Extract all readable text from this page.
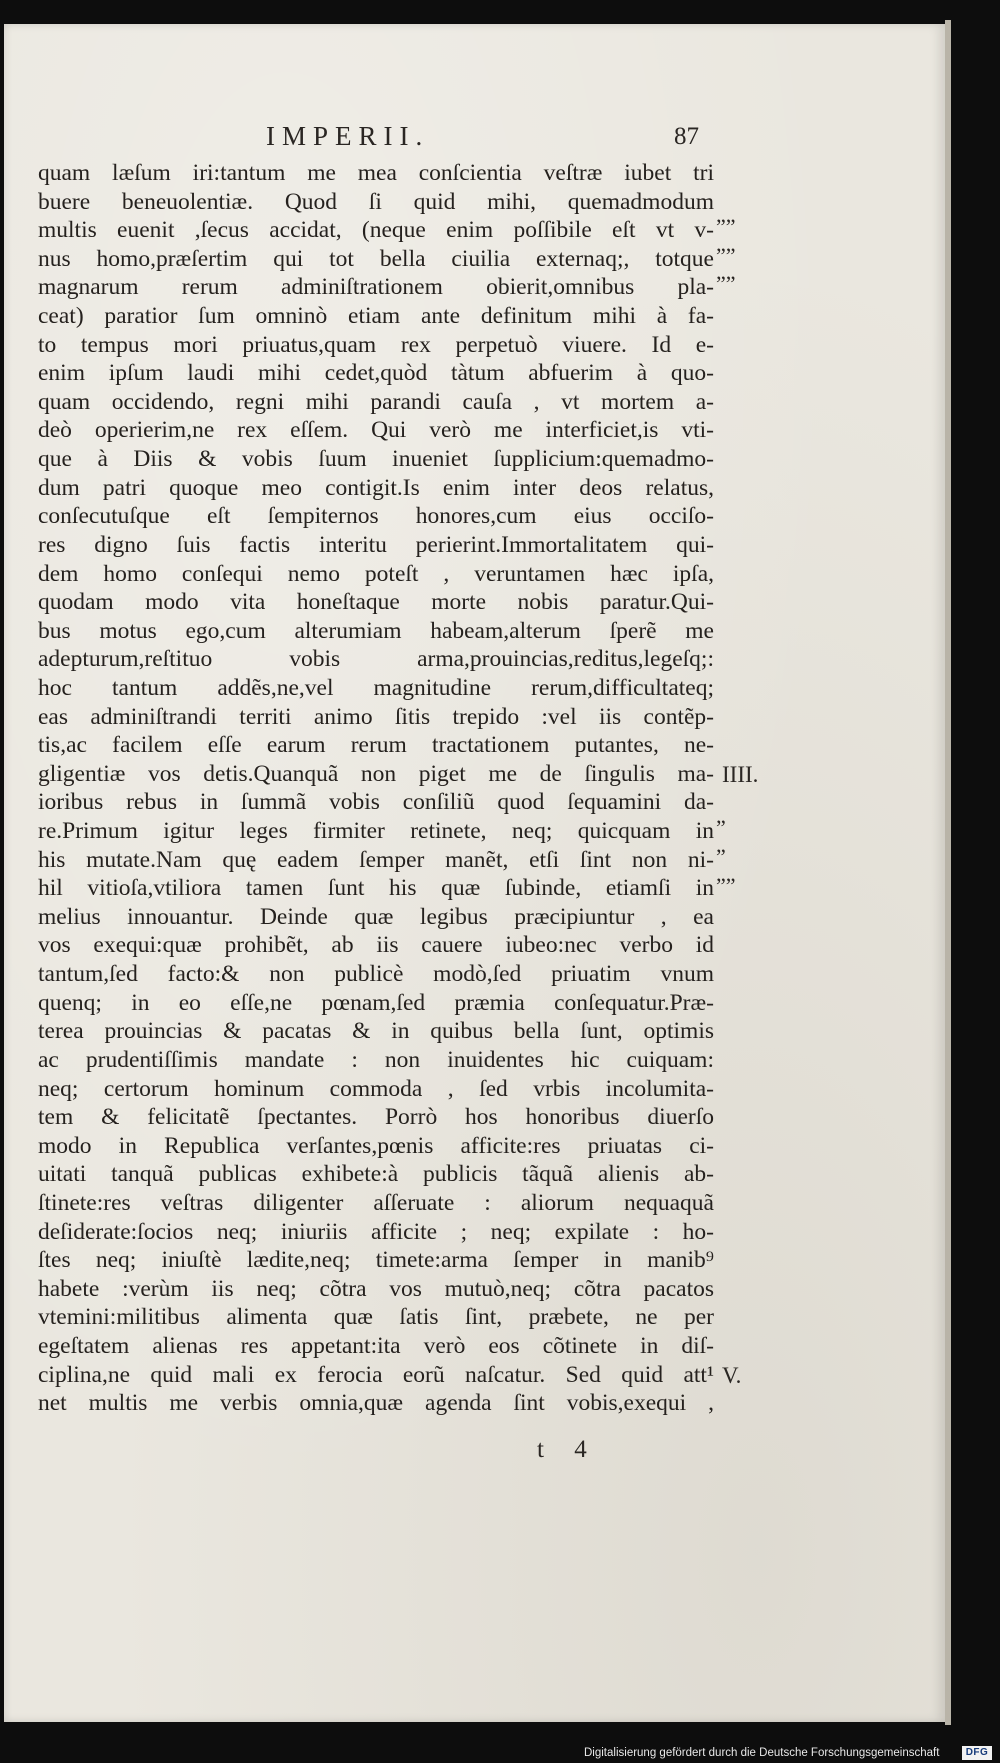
IMPERII.	87
quam læſum iri:tantum me mea conſcientia veſtræ iubet tri
buere beneuolentiæ. Quod ſi quid mihi, quemadmodum
multis euenit ,ſecus accidat, (neque enim poſſibile eſt vt v-
nus homo,præſertim qui tot bella ciuilia externaq;, totque
magnarum rerum adminiſtrationem obierit,omnibus pla-
ceat) paratior ſum omninò etiam ante definitum mihi à fa-
to tempus mori priuatus,quam rex perpetuò viuere. Id e-
enim ipſum laudi mihi cedet,quòd tàtum abfuerim à quo-
quam occidendo, regni mihi parandi cauſa , vt mortem a-
deò operierim,ne rex eſſem. Qui verò me interficiet,is vti-
que à Diis & vobis ſuum inueniet ſupplicium:quemadmo-
dum patri quoque meo contigit.Is enim inter deos relatus,
conſecutuſque eſt ſempiternos honores,cum eius occiſo-
res digno ſuis factis interitu perierint.Immortalitatem qui-
dem homo conſequi nemo poteſt , veruntamen hæc ipſa,
quodam modo vita honeſtaque morte nobis paratur.Qui-
bus motus ego,cum alterumiam habeam,alterum ſperẽ me
adepturum,reſtituo vobis arma,prouincias,reditus,legeſq;:
hoc tantum addẽs,ne,vel magnitudine rerum,difficultateq;
eas adminiſtrandi territi animo ſitis trepido :vel iis contẽp-
tis,ac facilem eſſe earum rerum tractationem putantes, ne-
gligentiæ vos detis.Quanquã non piget me de ſingulis ma-
ioribus rebus in ſummã vobis conſiliũ quod ſequamini da-
re.Primum igitur leges firmiter retinete, neq; quicquam in
his mutate.Nam quę eadem ſemper manẽt, etſi ſint non ni-
hil vitioſa,vtiliora tamen ſunt his quæ ſubinde, etiamſi in
melius innouantur. Deinde quæ legibus præcipiuntur , ea
vos exequi:quæ prohibẽt, ab iis cauere iubeo:nec verbo id
tantum,ſed facto:& non publicè modò,ſed priuatim vnum
quenq; in eo eſſe,ne pœnam,ſed præmia conſequatur.Præ-
terea prouincias & pacatas & in quibus bella ſunt, optimis
ac prudentiſſimis mandate : non inuidentes hic cuiquam:
neq; certorum hominum commoda , ſed vrbis incolumita-
tem & felicitatẽ ſpectantes. Porrò hos honoribus diuerſo
modo in Republica verſantes,pœnis afficite:res priuatas ci-
uitati tanquã publicas exhibete:à publicis tãquã alienis ab-
ſtinete:res veſtras diligenter aſſeruate : aliorum nequaquã
deſiderate:ſocios neq; iniuriis afficite ; neq; expilate : ho-
ſtes neq; iniuſtè lædite,neq; timete:arma ſemper in manib⁹
habete :verùm iis neq; cõtra vos mutuò,neq; cõtra pacatos
vtemini:militibus alimenta quæ ſatis ſint, præbete, ne per
egeſtatem alienas res appetant:ita verò eos cõtinete in diſ-
ciplina,ne quid mali ex ferocia eorũ naſcatur. Sed quid att¹
net multis me verbis omnia,quæ agenda ſint vobis,exequi ,
””
””
””
IIII.
”
”
””
V.
t 4
Digitalisierung gefördert durch die Deutsche Forschungsgemeinschaft	DFG
